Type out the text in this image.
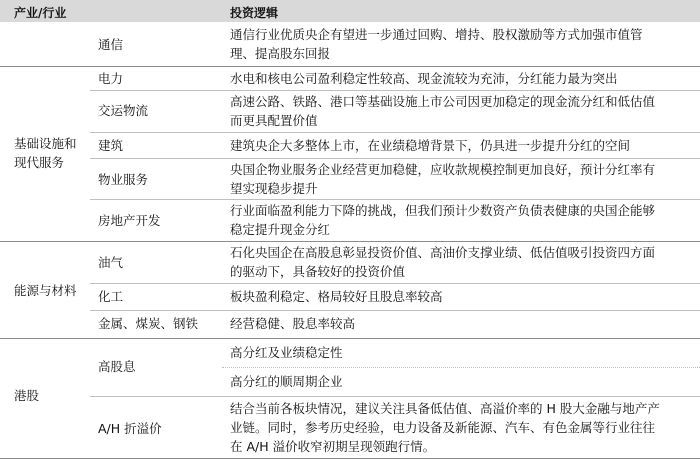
产业/行业	投资逻辑
基础设施和
现代服务
能源与材料
港股
通信
电力
交运物流
建筑
物业服务
房地产开发
油气
化工
金属、煤炭、钢铁
高股息
A/H 折溢价
通信行业优质央企有望进一步通过回购、增持、股权激励等方式加强市值管
理、提高股东回报
水电和核电公司盈利稳定性较高、现金流较为充沛，分红能力最为突出
高速公路、铁路、港口等基础设施上市公司因更加稳定的现金流分红和低估值
而更具配置价值
建筑央企大多整体上市，在业绩稳增背景下，仍具进一步提升分红的空间
央国企物业服务企业经营更加稳健，应收款规模控制更加良好，预计分红率有
望实现稳步提升
行业面临盈利能力下降的挑战，但我们预计少数资产负债表健康的央国企能够
稳定提升现金分红
石化央国企在高股息彰显投资价值、高油价支撑业绩、低估值吸引投资四方面
的驱动下，具备较好的投资价值
板块盈利稳定、格局较好且股息率较高
经营稳健、股息率较高
高分红及业绩稳定性
高分红的顺周期企业
结合当前各板块情况，建议关注具备低估值、高溢价率的 H 股大金融与地产产
业链。同时，参考历史经验，电力设备及新能源、汽车、有色金属等行业往往
在 A/H 溢价收窄初期呈现领跑行情。
